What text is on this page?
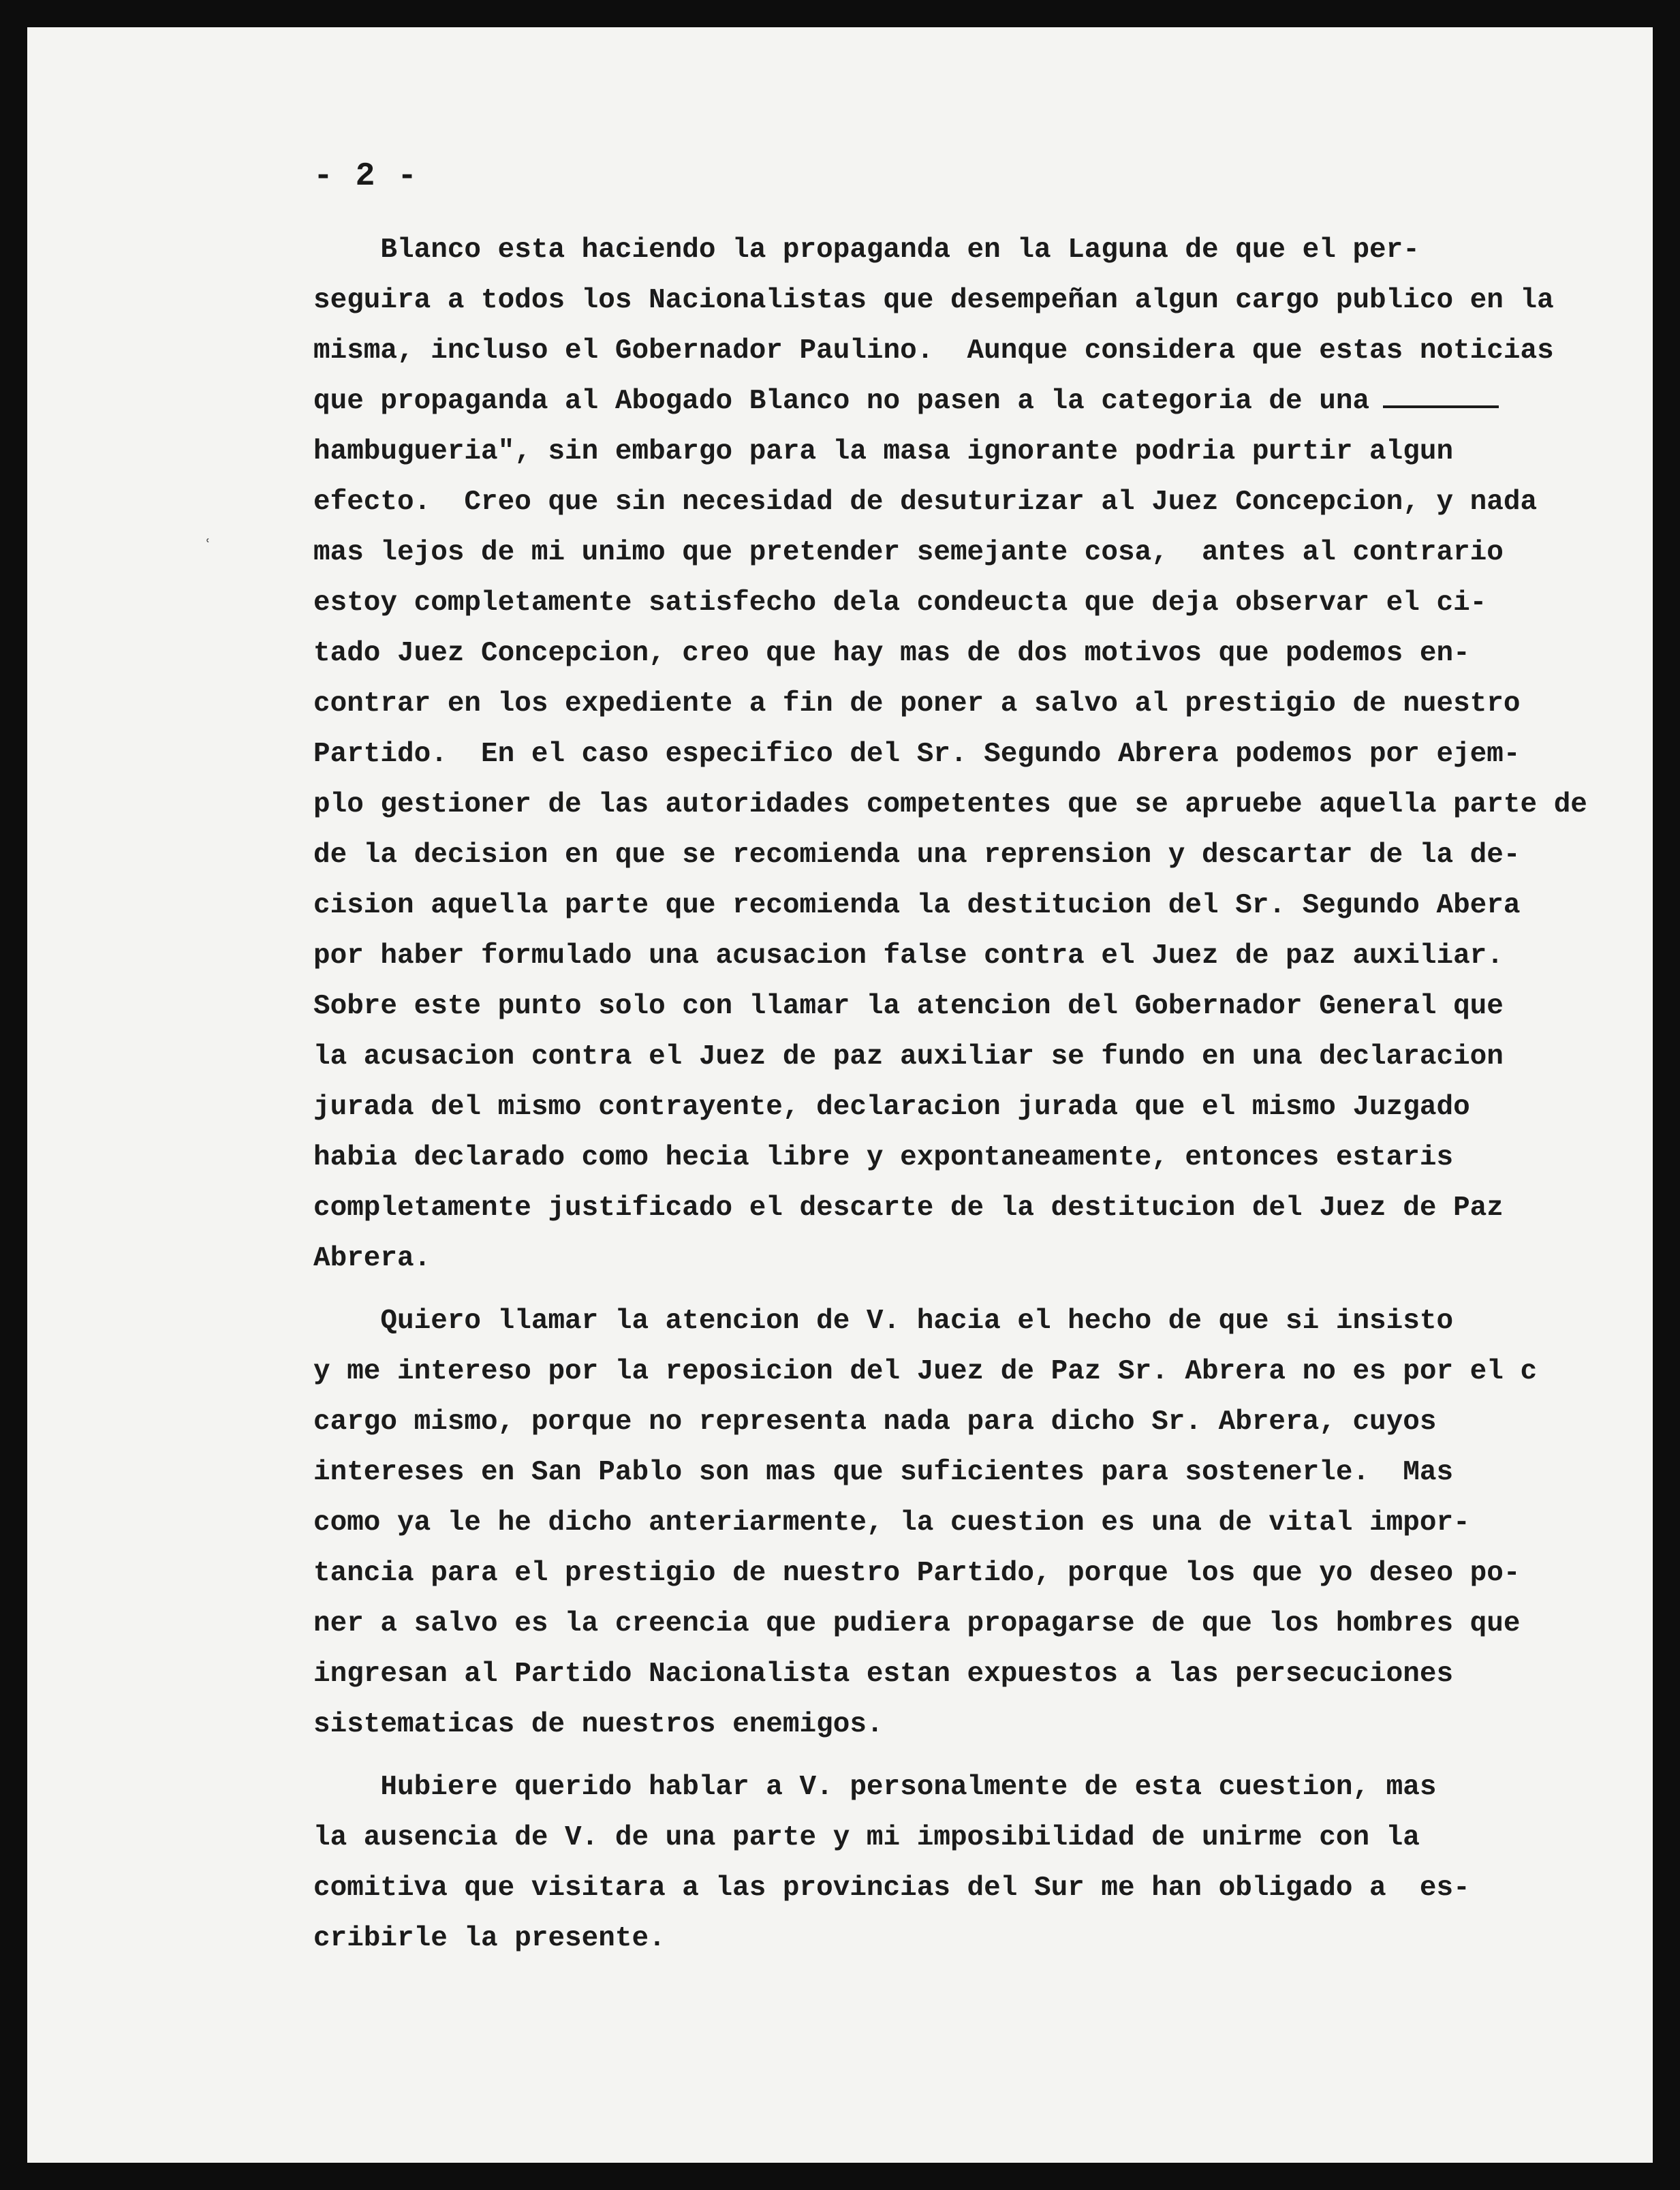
- 2 -
ʿ
Blanco esta haciendo la propaganda en la Laguna de que el per-
seguira a todos los Nacionalistas que desempeñan algun cargo publico en la
misma, incluso el Gobernador Paulino.  Aunque considera que estas noticias
que propaganda al Abogado Blanco no pasen a la categoria de una
hambugueria", sin embargo para la masa ignorante podria purtir algun
efecto.  Creo que sin necesidad de desuturizar al Juez Concepcion, y nada
mas lejos de mi unimo que pretender semejante cosa,  antes al contrario
estoy completamente satisfecho dela condeucta que deja observar el ci-
tado Juez Concepcion, creo que hay mas de dos motivos que podemos en-
contrar en los expediente a fin de poner a salvo al prestigio de nuestro
Partido.  En el caso especifico del Sr. Segundo Abrera podemos por ejem-
plo gestioner de las autoridades competentes que se apruebe aquella parte de
de la decision en que se recomienda una reprension y descartar de la de-
cision aquella parte que recomienda la destitucion del Sr. Segundo Abera
por haber formulado una acusacion false contra el Juez de paz auxiliar.
Sobre este punto solo con llamar la atencion del Gobernador General que
la acusacion contra el Juez de paz auxiliar se fundo en una declaracion
jurada del mismo contrayente, declaracion jurada que el mismo Juzgado
habia declarado como hecia libre y expontaneamente, entonces estaris
completamente justificado el descarte de la destitucion del Juez de Paz
Abrera.
Quiero llamar la atencion de V. hacia el hecho de que si insisto
y me intereso por la reposicion del Juez de Paz Sr. Abrera no es por el c
cargo mismo, porque no representa nada para dicho Sr. Abrera, cuyos
intereses en San Pablo son mas que suficientes para sostenerle.  Mas
como ya le he dicho anteriarmente, la cuestion es una de vital impor-
tancia para el prestigio de nuestro Partido, porque los que yo deseo po-
ner a salvo es la creencia que pudiera propagarse de que los hombres que
ingresan al Partido Nacionalista estan expuestos a las persecuciones
sistematicas de nuestros enemigos.
Hubiere querido hablar a V. personalmente de esta cuestion, mas
la ausencia de V. de una parte y mi imposibilidad de unirme con la
comitiva que visitara a las provincias del Sur me han obligado a  es-
cribirle la presente.
